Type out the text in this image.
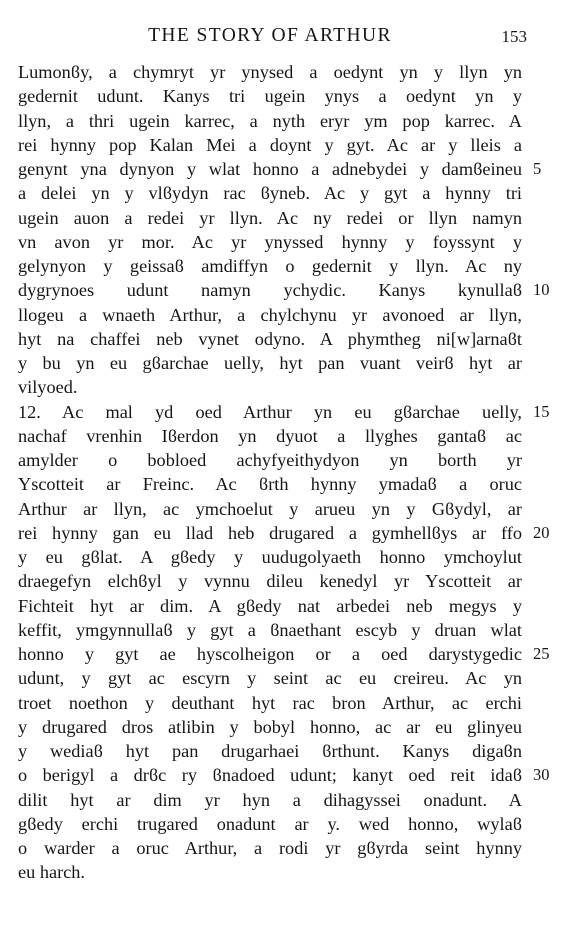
THE STORY OF ARTHUR	153
Lumonϐy, a chymryt yr ynysed a oedynt yn y llyn yn
gedernit udunt. Kanys tri ugein ynys a oedynt yn y
llyn, a thri ugein karrec, a nyth eryr ym pop karrec. A
rei hynny pop Kalan Mei a doynt y gyt. Ac ar y lleis a
genynt yna dynyon y wlat honno a adnebydei y damϐeineu 5
a delei yn y vlϐydyn rac ϐyneb. Ac y gyt a hynny tri
ugein auon a redei yr llyn. Ac ny redei or llyn namyn
vn avon yr mor. Ac yr ynyssed hynny y foyssynt y
gelynyon y geissaϐ amdiffyn o gedernit y llyn. Ac ny
dygrynoes udunt namyn ychydic. Kanys kynullaϐ 10
llogeu a wnaeth Arthur, a chylchynu yr avonoed ar llyn,
hyt na chaffei neb vynet odyno. A phymtheg ni[w]arnaϐt
y bu yn eu gϐarchae uelly, hyt pan vuant veirϐ hyt ar
vilyoed.
12. Ac mal yd oed Arthur yn eu gϐarchae uelly, 15
nachaf vrenhin Iϐerdon yn dyuot a llyghes gantaϐ ac
amylder o bobloed achyfyeithydyon yn borth yr
Yscotteit ar Freinc. Ac ϐrth hynny ymadaϐ a oruc
Arthur ar llyn, ac ymchoelut y arueu yn y Gϐydyl, ar
rei hynny gan eu llad heb drugared a gymhellϐys ar ffo 20
y eu gϐlat. A gϐedy y uudugolyaeth honno ymchoylut
draegefyn elchϐyl y vynnu dileu kenedyl yr Yscotteit ar
Fichteit hyt ar dim. A gϐedy nat arbedei neb megys y
keffit, ymgynnullaϐ y gyt a ϐnaethant escyb y druan wlat
honno y gyt ae hyscolheigon or a oed darystygedic 25
udunt, y gyt ac escyrn y seint ac eu creireu. Ac yn
troet noethon y deuthant hyt rac bron Arthur, ac erchi
y drugared dros atlibin y bobyl honno, ac ar eu glinyeu
y wediaϐ hyt pan drugarhaei ϐrthunt. Kanys digaϐn
o berigyl a drϐc ry ϐnadoed udunt; kanyt oed reit idaϐ 30
dilit hyt ar dim yr hyn a dihagyssei onadunt. A
gϐedy erchi trugared onadunt ar y. wed honno, wylaϐ
o warder a oruc Arthur, a rodi yr gϐyrda seint hynny
eu harch.
